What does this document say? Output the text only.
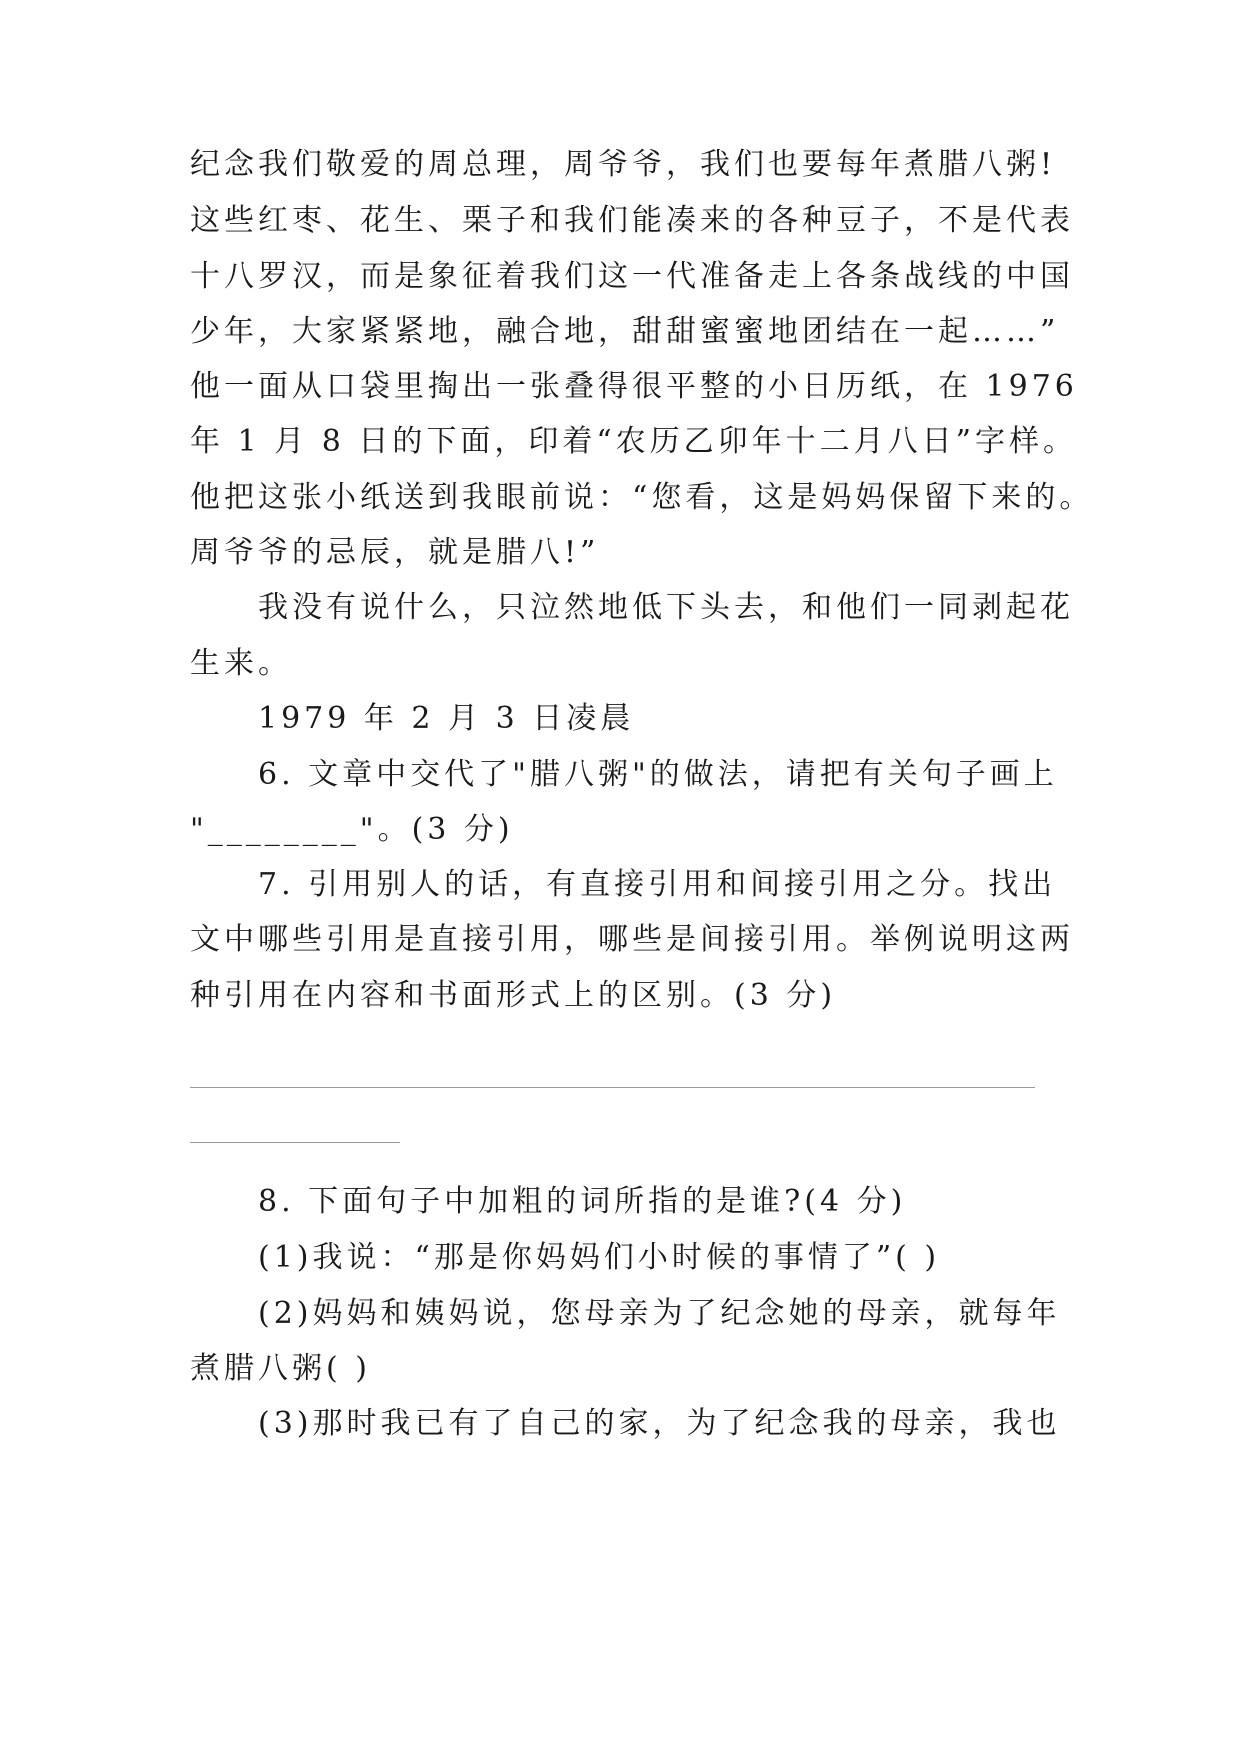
纪念我们敬爱的周总理，周爷爷，我们也要每年煮腊八粥!
这些红枣、花生、栗子和我们能凑来的各种豆子，不是代表
十八罗汉，而是象征着我们这一代准备走上各条战线的中国
少年，大家紧紧地，融合地，甜甜蜜蜜地团结在一起……”
他一面从口袋里掏出一张叠得很平整的小日历纸，在 1976
年 1 月 8 日的下面，印着“农历乙卯年十二月八日”字样。
他把这张小纸送到我眼前说：“您看，这是妈妈保留下来的。
周爷爷的忌辰，就是腊八!”
我没有说什么，只泣然地低下头去，和他们一同剥起花
生来。
1979 年 2 月 3 日凌晨
6. 文章中交代了"腊八粥"的做法，请把有关句子画上
"________"。(3 分)
7. 引用别人的话，有直接引用和间接引用之分。找出
文中哪些引用是直接引用，哪些是间接引用。举例说明这两
种引用在内容和书面形式上的区别。(3 分)
8. 下面句子中加粗的词所指的是谁?(4 分)
(1)我说：“那是你妈妈们小时候的事情了”( )
(2)妈妈和姨妈说，您母亲为了纪念她的母亲，就每年
煮腊八粥( )
(3)那时我已有了自己的家，为了纪念我的母亲，我也
